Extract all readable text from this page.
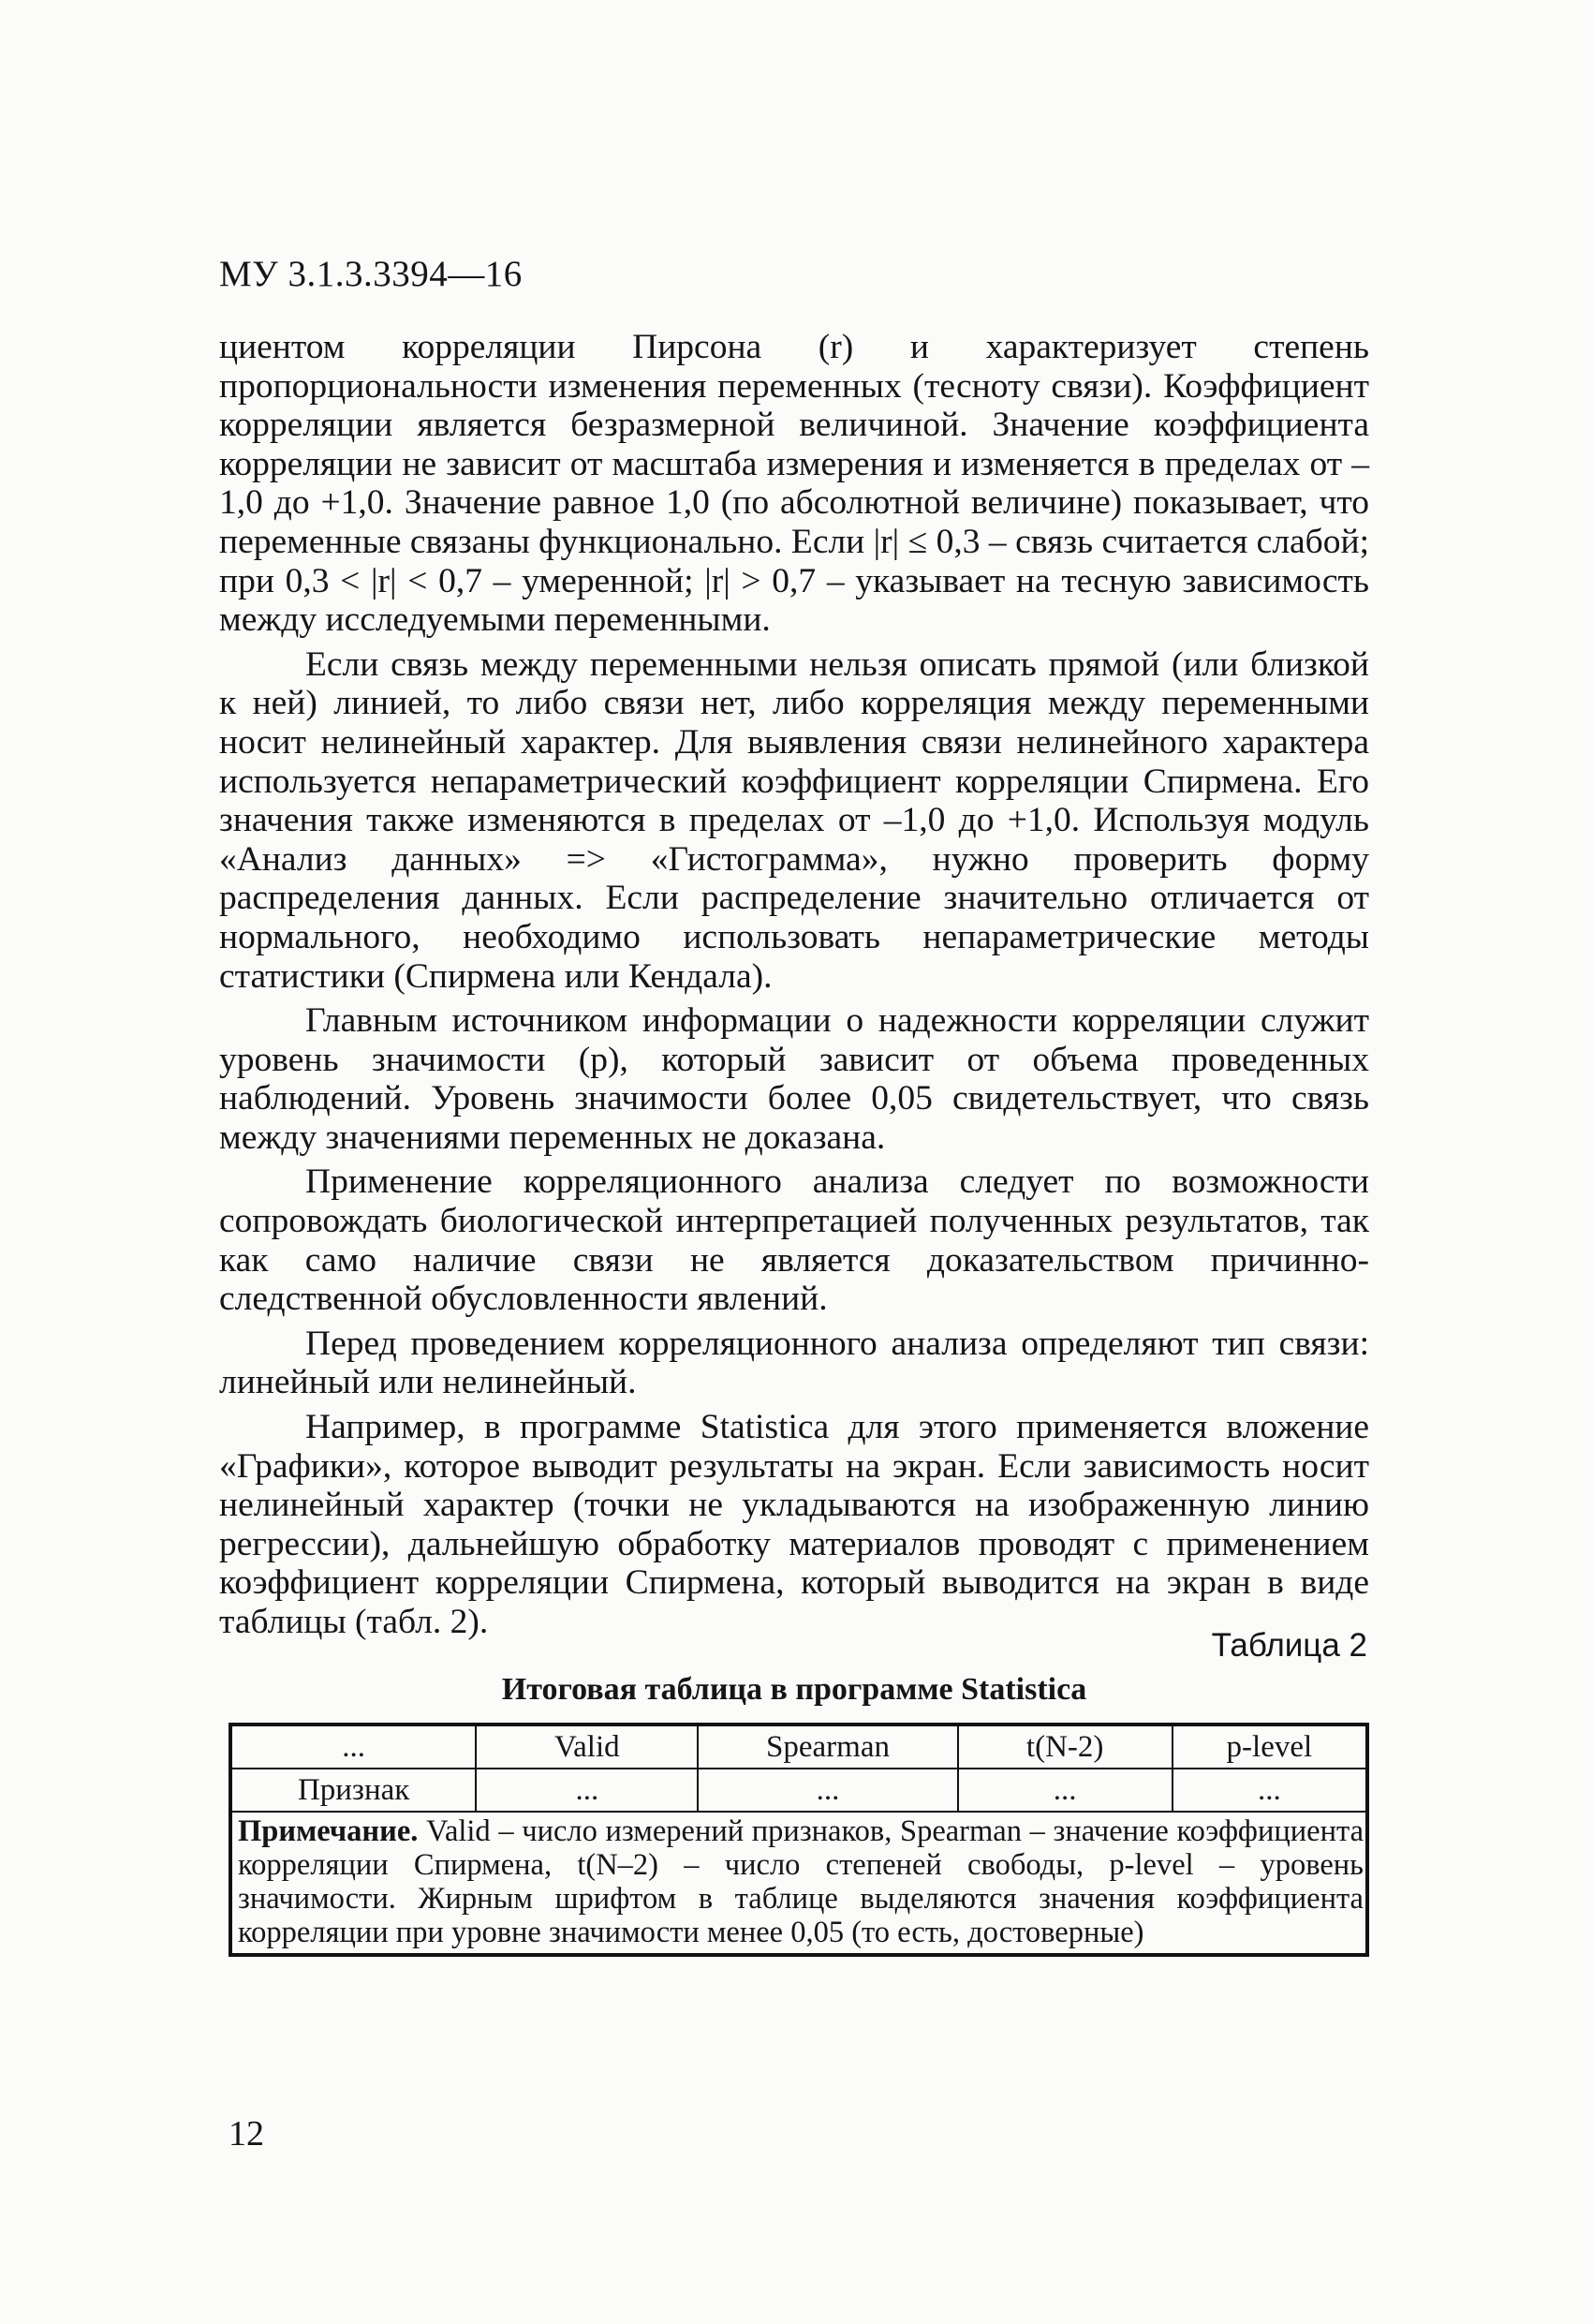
МУ 3.1.3.3394—16

циентом корреляции Пирсона (r) и характеризует степень пропорциональности изменения переменных (тесноту связи). Коэффициент корреляции является безразмерной величиной. Значение коэффициента корреляции не зависит от масштаба измерения и изменяется в пределах от –1,0 до +1,0. Значение равное 1,0 (по абсолютной величине) показывает, что переменные связаны функционально. Если |r| ≤ 0,3 – связь считается слабой; при 0,3 < |r| < 0,7 – умеренной; |r| > 0,7 – указывает на тесную зависимость между исследуемыми переменными.

Если связь между переменными нельзя описать прямой (или близкой к ней) линией, то либо связи нет, либо корреляция между переменными носит нелинейный характер. Для выявления связи нелинейного характера используется непараметрический коэффициент корреляции Спирмена. Его значения также изменяются в пределах от –1,0 до +1,0. Используя модуль «Анализ данных» => «Гистограмма», нужно проверить форму распределения данных. Если распределение значительно отличается от нормального, необходимо использовать непараметрические методы статистики (Спирмена или Кендала).

Главным источником информации о надежности корреляции служит уровень значимости (p), который зависит от объема проведенных наблюдений. Уровень значимости более 0,05 свидетельствует, что связь между значениями переменных не доказана.

Применение корреляционного анализа следует по возможности сопровождать биологической интерпретацией полученных результатов, так как само наличие связи не является доказательством причинно-следственной обусловленности явлений.

Перед проведением корреляционного анализа определяют тип связи: линейный или нелинейный.

Например, в программе Statistica для этого применяется вложение «Графики», которое выводит результаты на экран. Если зависимость носит нелинейный характер (точки не укладываются на изображенную линию регрессии), дальнейшую обработку материалов проводят с применением коэффициент корреляции Спирмена, который выводится на экран в виде таблицы (табл. 2).

Таблица 2
Итоговая таблица в программе Statistica
...	Valid	Spearman	t(N-2)	p-level
Признак	...	...	...	...
Примечание. Valid – число измерений признаков, Spearman – значение коэффициента корреляции Спирмена, t(N–2) – число степеней свободы, p-level – уровень значимости. Жирным шрифтом в таблице выделяются значения коэффициента корреляции при уровне значимости менее 0,05 (то есть, достоверные)				
12
